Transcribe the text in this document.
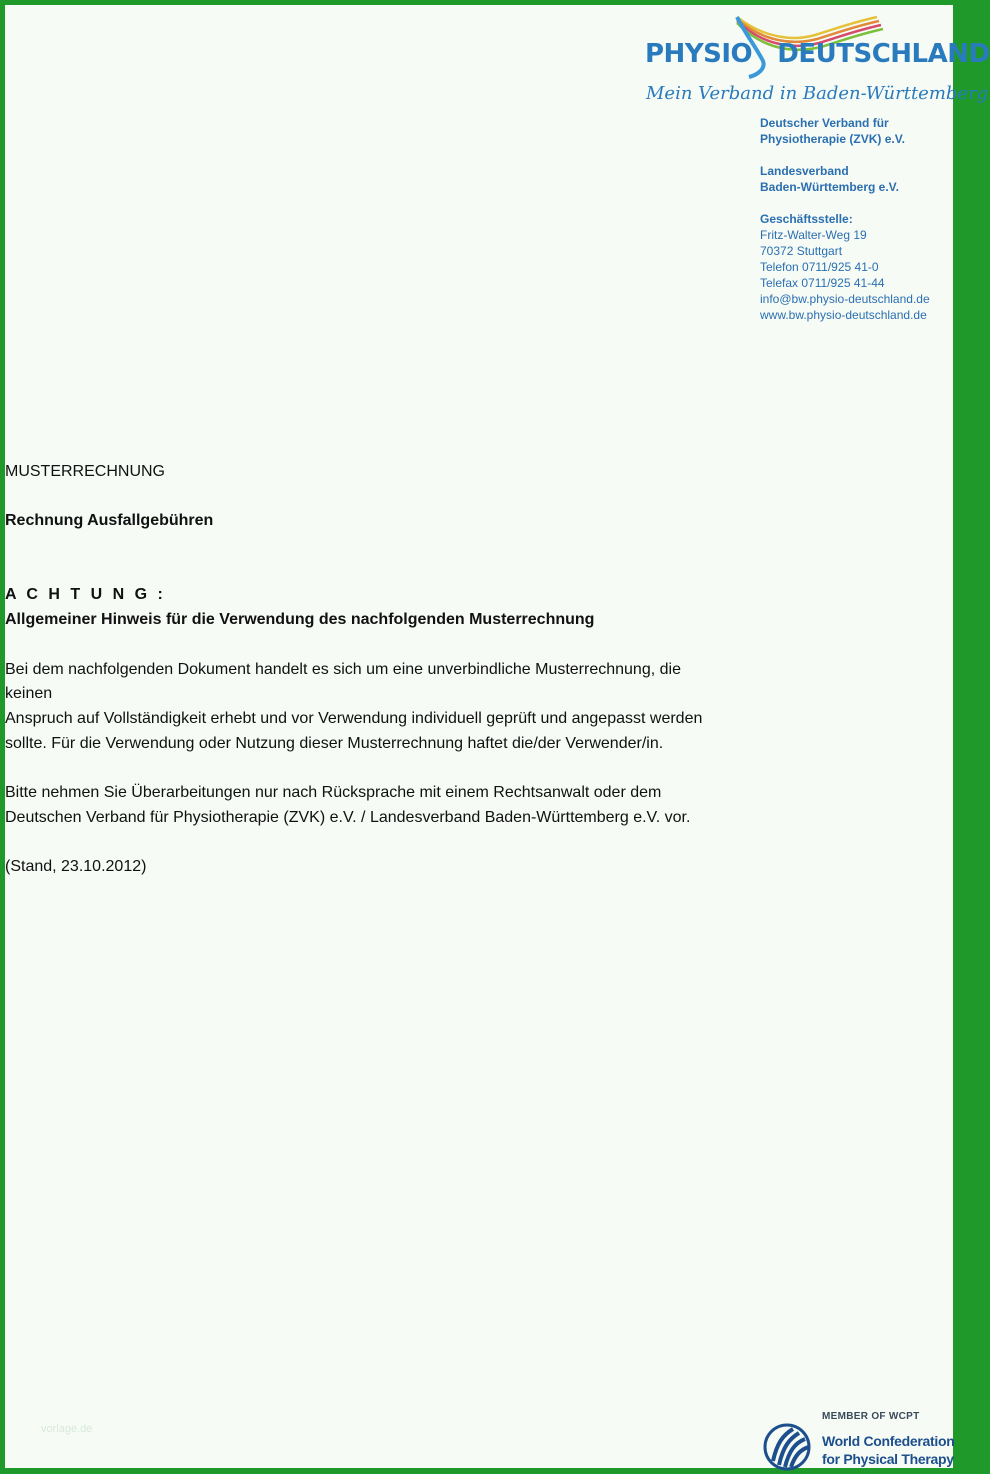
PHYSIO DEUTSCHLAND
Mein Verband in Baden-Württemberg
Deutscher Verband für
Physiotherapie (ZVK) e.V.
Landesverband
Baden-Württemberg e.V.
Geschäftsstelle:
Fritz-Walter-Weg 19
70372 Stuttgart
Telefon 0711/925 41-0
Telefax 0711/925 41-44
info@bw.physio-deutschland.de
www.bw.physio-deutschland.de
MUSTERRECHNUNG
Rechnung Ausfallgebühren
A C H T U N G :
Allgemeiner Hinweis für die Verwendung des nachfolgenden Musterrechnung
Bei dem nachfolgenden Dokument handelt es sich um eine unverbindliche Musterrechnung, die keinen
Anspruch auf Vollständigkeit erhebt und vor Verwendung individuell geprüft und angepasst werden
sollte. Für die Verwendung oder Nutzung dieser Musterrechnung haftet die/der Verwender/in.
Bitte nehmen Sie Überarbeitungen nur nach Rücksprache mit einem Rechtsanwalt oder dem
Deutschen Verband für Physiotherapie (ZVK) e.V. / Landesverband Baden-Württemberg e.V. vor.
(Stand, 23.10.2012)
vorlage.de
MEMBER OF WCPT
World Confederation
for Physical Therapy
